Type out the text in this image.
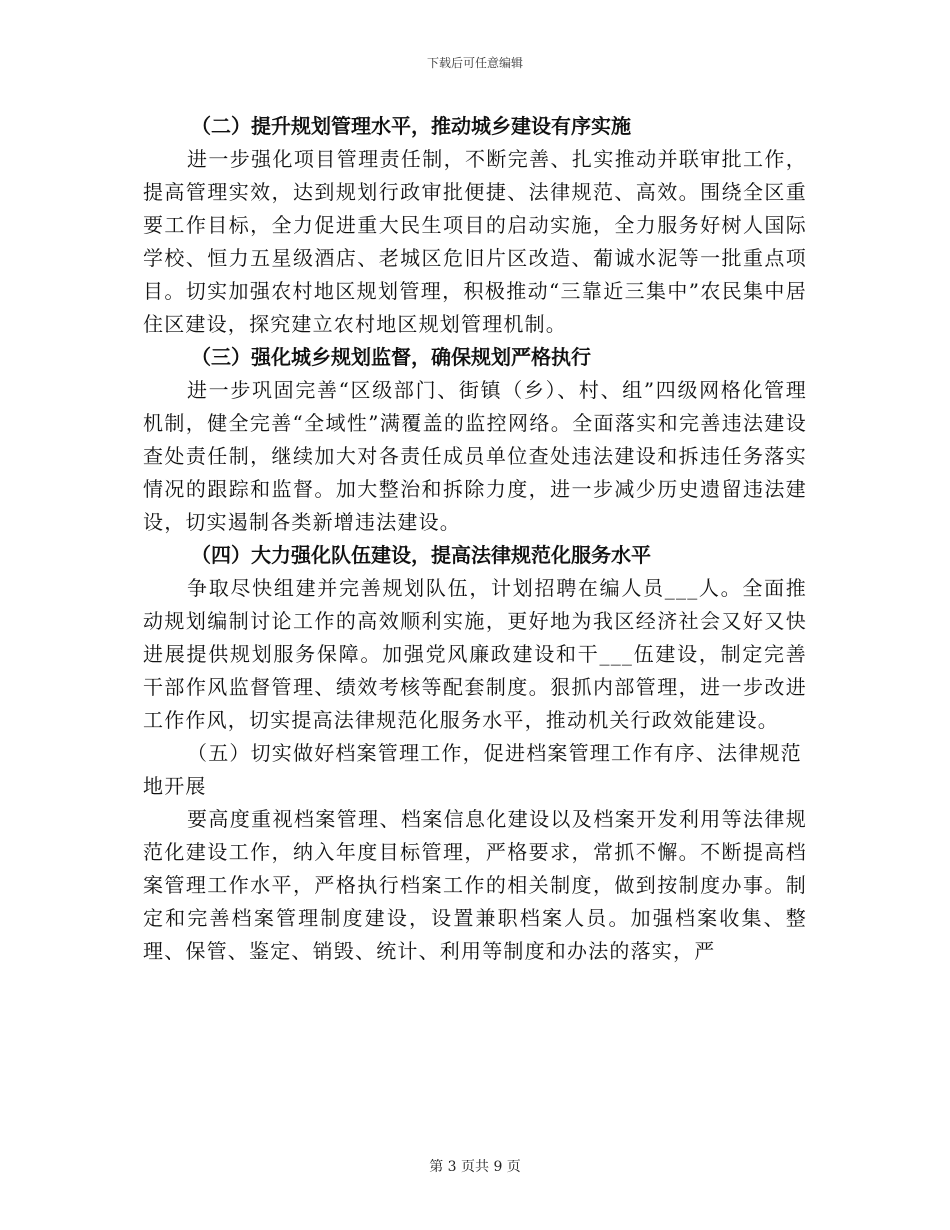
下载后可任意编辑

（二）提升规划管理水平，推动城乡建设有序实施

进一步强化项目管理责任制，不断完善、扎实推动并联审批工作，提高管理实效，达到规划行政审批便捷、法律规范、高效。围绕全区重要工作目标，全力促进重大民生项目的启动实施，全力服务好树人国际学校、恒力五星级酒店、老城区危旧片区改造、葡诚水泥等一批重点项目。切实加强农村地区规划管理，积极推动“三靠近三集中”农民集中居住区建设，探究建立农村地区规划管理机制。

（三）强化城乡规划监督，确保规划严格执行

进一步巩固完善“区级部门、街镇（乡）、村、组”四级网格化管理机制，健全完善“全域性”满覆盖的监控网络。全面落实和完善违法建设查处责任制，继续加大对各责任成员单位查处违法建设和拆违任务落实情况的跟踪和监督。加大整治和拆除力度，进一步减少历史遗留违法建设，切实遏制各类新增违法建设。

（四）大力强化队伍建设，提高法律规范化服务水平

争取尽快组建并完善规划队伍，计划招聘在编人员___人。全面推动规划编制讨论工作的高效顺利实施，更好地为我区经济社会又好又快进展提供规划服务保障。加强党风廉政建设和干___伍建设，制定完善干部作风监督管理、绩效考核等配套制度。狠抓内部管理，进一步改进工作作风，切实提高法律规范化服务水平，推动机关行政效能建设。

（五）切实做好档案管理工作，促进档案管理工作有序、法律规范地开展

要高度重视档案管理、档案信息化建设以及档案开发利用等法律规范化建设工作，纳入年度目标管理，严格要求，常抓不懈。不断提高档案管理工作水平，严格执行档案工作的相关制度，做到按制度办事。制定和完善档案管理制度建设，设置兼职档案人员。加强档案收集、整理、保管、鉴定、销毁、统计、利用等制度和办法的落实，严

第 3 页共 9 页
